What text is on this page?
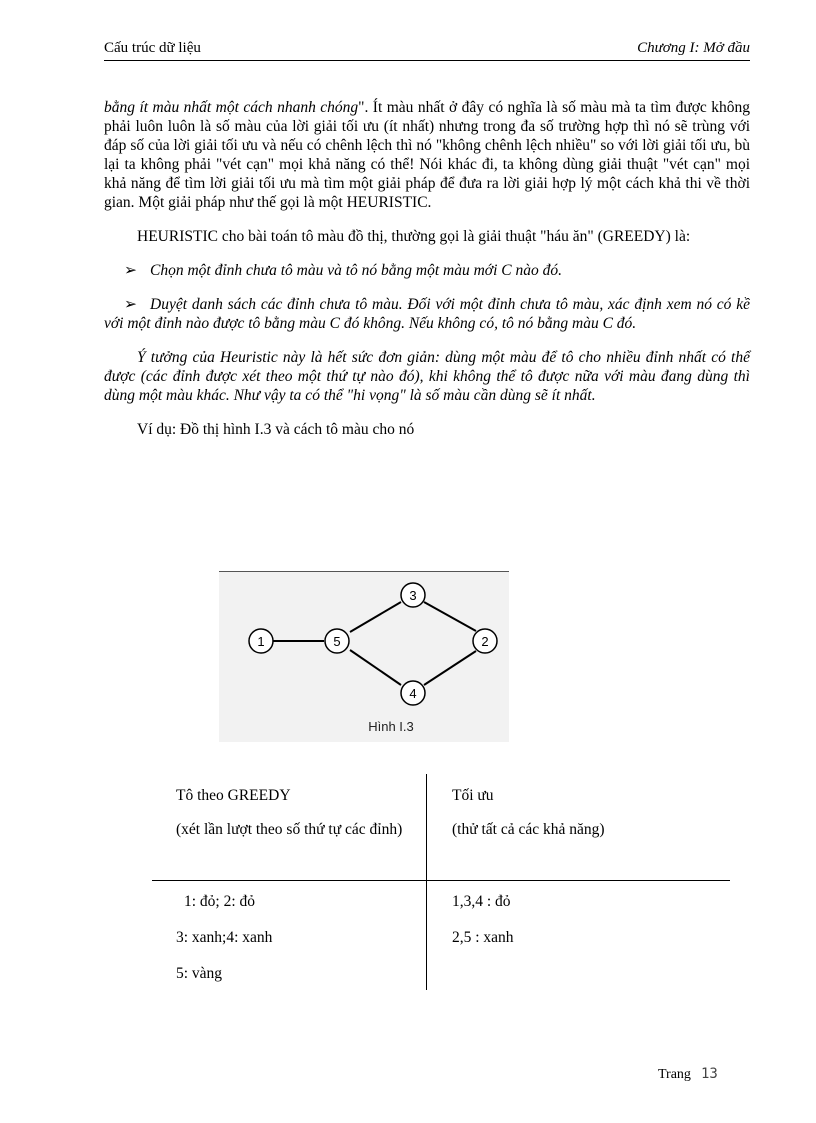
Cấu trúc dữ liệu	Chương I: Mở đầu

bằng ít màu nhất một cách nhanh chóng". Ít màu nhất ở đây có nghĩa là số màu mà ta tìm được không phải luôn luôn là số màu của lời giải tối ưu (ít nhất) nhưng trong đa số trường hợp thì nó sẽ trùng với đáp số của lời giải tối ưu và nếu có chênh lệch thì nó "không chênh lệch nhiều" so với lời giải tối ưu, bù lại ta không phải "vét cạn" mọi khả năng có thể! Nói khác đi, ta không dùng giải thuật "vét cạn" mọi khả năng để tìm lời giải tối ưu mà tìm một giải pháp để đưa ra lời giải hợp lý một cách khả thi về thời gian. Một giải pháp như thế gọi là một HEURISTIC.

HEURISTIC cho bài toán tô màu đồ thị, thường gọi là giải thuật "háu ăn" (GREEDY) là:

➢ Chọn một đỉnh chưa tô màu và tô nó bằng một màu mới C nào đó.

➢ Duyệt danh sách các đỉnh chưa tô màu. Đối với một đỉnh chưa tô màu, xác định xem nó có kề với một đỉnh nào được tô bằng màu C đó không. Nếu không có, tô nó bằng màu C đó.

Ý tưởng của Heuristic này là hết sức đơn giản: dùng một màu để tô cho nhiều đỉnh nhất có thể được (các đỉnh được xét theo một thứ tự nào đó), khi không thể tô được nữa với màu đang dùng thì dùng một màu khác. Như vậy ta có thể "hi vọng" là số màu cần dùng sẽ ít nhất.

Ví dụ: Đồ thị hình I.3 và cách tô màu cho nó

1	5
3
2
4
Hình I.3
Tô theo GREEDY
(xét lần lượt theo số thứ tự các đỉnh)
Tối ưu
(thử tất cả các khả năng)
1: đỏ; 2: đỏ
3: xanh;4: xanh
5: vàng
1,3,4 : đỏ
2,5 : xanh
Trang 13
